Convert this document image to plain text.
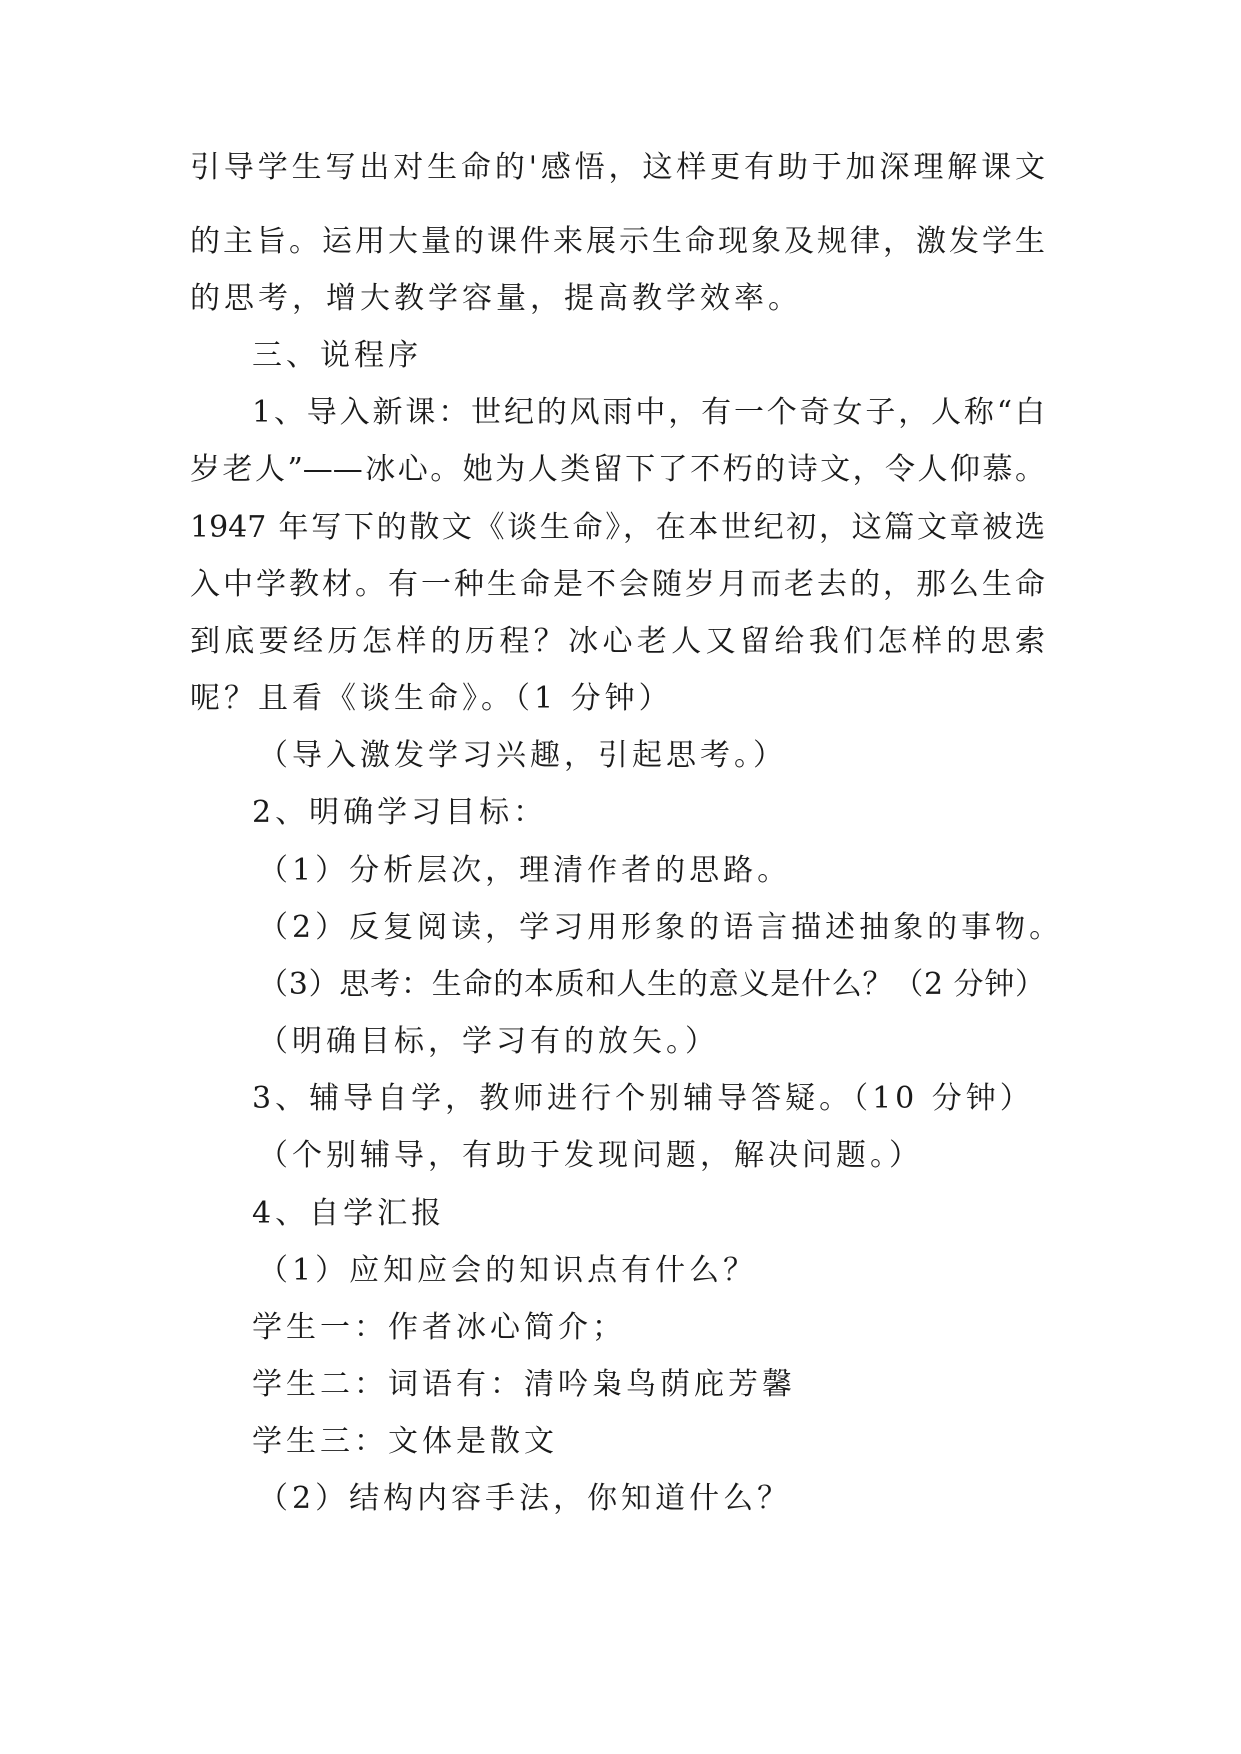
引导学生写出对生命的'感悟，这样更有助于加深理解课文
的主旨。运用大量的课件来展示生命现象及规律，激发学生
的思考，增大教学容量，提高教学效率。
三、说程序
1、导入新课：世纪的风雨中，有一个奇女子，人称“白
岁老人”——冰心。她为人类留下了不朽的诗文，令人仰慕。
1947 年写下的散文《谈生命》，在本世纪初，这篇文章被选
入中学教材。有一种生命是不会随岁月而老去的，那么生命
到底要经历怎样的历程？冰心老人又留给我们怎样的思索
呢？且看《谈生命》。（1 分钟）
（导入激发学习兴趣，引起思考。）
2、明确学习目标：
（1）分析层次，理清作者的思路。
（2）反复阅读，学习用形象的语言描述抽象的事物。
（3）思考：生命的本质和人生的意义是什么？（2 分钟）
（明确目标，学习有的放矢。）
3、辅导自学，教师进行个别辅导答疑。（10 分钟）
（个别辅导，有助于发现问题，解决问题。）
4、自学汇报
（1）应知应会的知识点有什么？
学生一：作者冰心简介；
学生二：词语有：清吟枭鸟荫庇芳馨
学生三：文体是散文
（2）结构内容手法，你知道什么？
